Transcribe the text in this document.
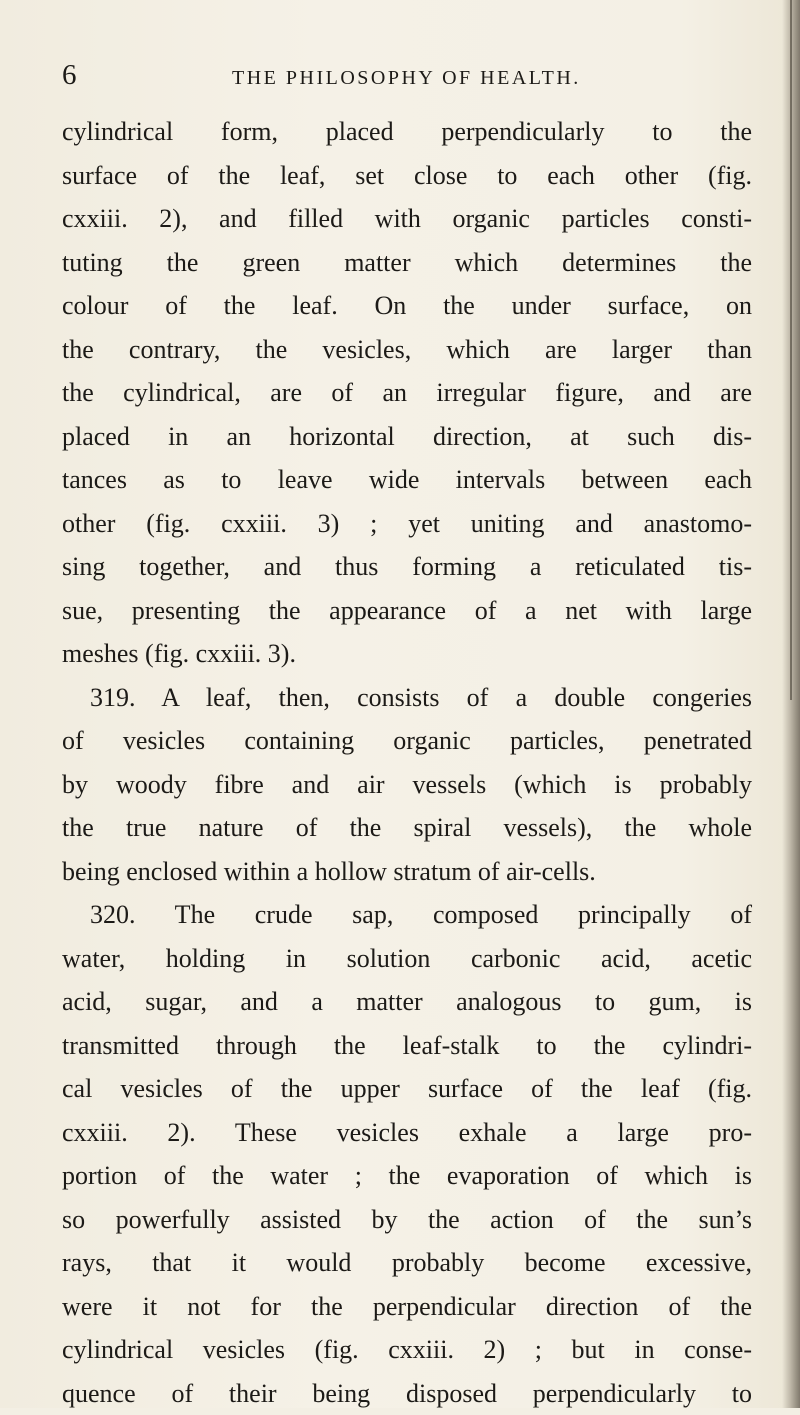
6	THE PHILOSOPHY OF HEALTH.
cylindrical form, placed perpendicularly to the
surface of the leaf, set close to each other (fig.
cxxiii. 2), and filled with organic particles consti-
tuting the green matter which determines the
colour of the leaf. On the under surface, on
the contrary, the vesicles, which are larger than
the cylindrical, are of an irregular figure, and are
placed in an horizontal direction, at such dis-
tances as to leave wide intervals between each
other (fig. cxxiii. 3) ; yet uniting and anastomo-
sing together, and thus forming a reticulated tis-
sue, presenting the appearance of a net with large
meshes (fig. cxxiii. 3).
319. A leaf, then, consists of a double congeries
of vesicles containing organic particles, penetrated
by woody fibre and air vessels (which is probably
the true nature of the spiral vessels), the whole
being enclosed within a hollow stratum of air-cells.
320. The crude sap, composed principally of
water, holding in solution carbonic acid, acetic
acid, sugar, and a matter analogous to gum, is
transmitted through the leaf-stalk to the cylindri-
cal vesicles of the upper surface of the leaf (fig.
cxxiii. 2). These vesicles exhale a large pro-
portion of the water ; the evaporation of which is
so powerfully assisted by the action of the sun’s
rays, that it would probably become excessive,
were it not for the perpendicular direction of the
cylindrical vesicles (fig. cxxiii. 2) ; but in conse-
quence of their being disposed perpendicularly to
